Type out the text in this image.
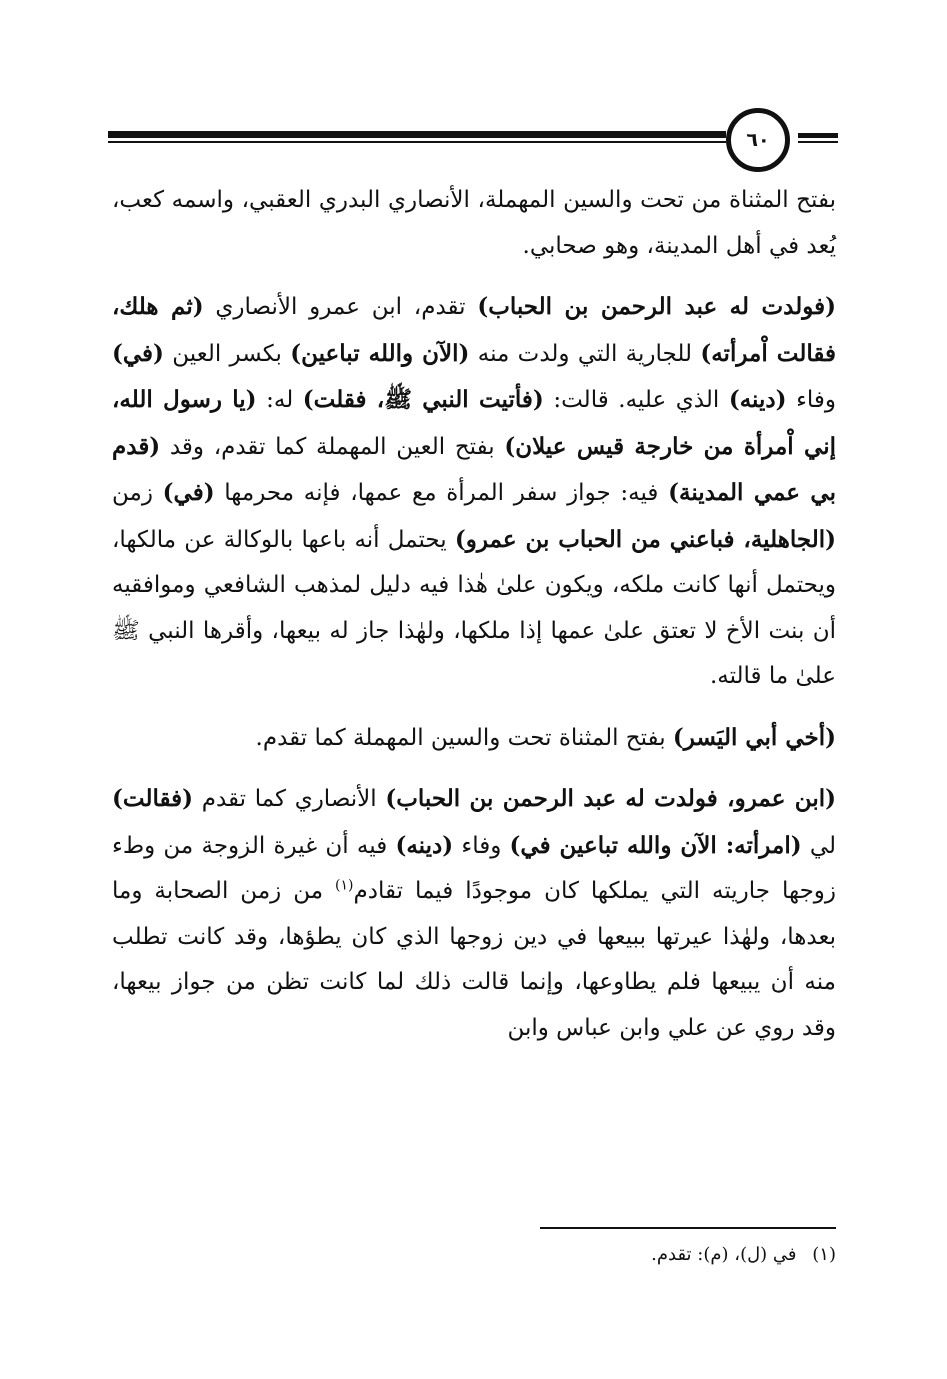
٦٠

بفتح المثناة من تحت والسين المهملة، الأنصاري البدري العقبي، واسمه كعب، يُعد في أهل المدينة، وهو صحابي.

(فولدت له عبد الرحمن بن الحباب) تقدم، ابن عمرو الأنصاري (ثم هلك، فقالت اْمرأته) للجارية التي ولدت منه (الآن والله تباعين) بكسر العين (في) وفاء (دينه) الذي عليه. قالت: (فأتيت النبي ﷺ، فقلت) له: (يا رسول الله، إني اْمرأة من خارجة قيس عيلان) بفتح العين المهملة كما تقدم، وقد (قدم بي عمي المدينة) فيه: جواز سفر المرأة مع عمها، فإنه محرمها (في) زمن (الجاهلية، فباعني من الحباب بن عمرو) يحتمل أنه باعها بالوكالة عن مالكها، ويحتمل أنها كانت ملكه، ويكون علىٰ هٰذا فيه دليل لمذهب الشافعي وموافقيه أن بنت الأخ لا تعتق علىٰ عمها إذا ملكها، ولهٰذا جاز له بيعها، وأقرها النبي ﷺ علىٰ ما قالته.

(أخي أبي اليَسر) بفتح المثناة تحت والسين المهملة كما تقدم.

(ابن عمرو، فولدت له عبد الرحمن بن الحباب) الأنصاري كما تقدم (فقالت) لي (امرأته: الآن والله تباعين في) وفاء (دينه) فيه أن غيرة الزوجة من وطء زوجها جاريته التي يملكها كان موجودًا فيما تقادم$^{(١)}$ من زمن الصحابة وما بعدها، ولهٰذا عيرتها ببيعها في دين زوجها الذي كان يطؤها، وقد كانت تطلب منه أن يبيعها فلم يطاوعها، وإنما قالت ذلك لما كانت تظن من جواز بيعها، وقد روي عن علي وابن عباس وابن

(١) في (ل)، (م): تقدم.
